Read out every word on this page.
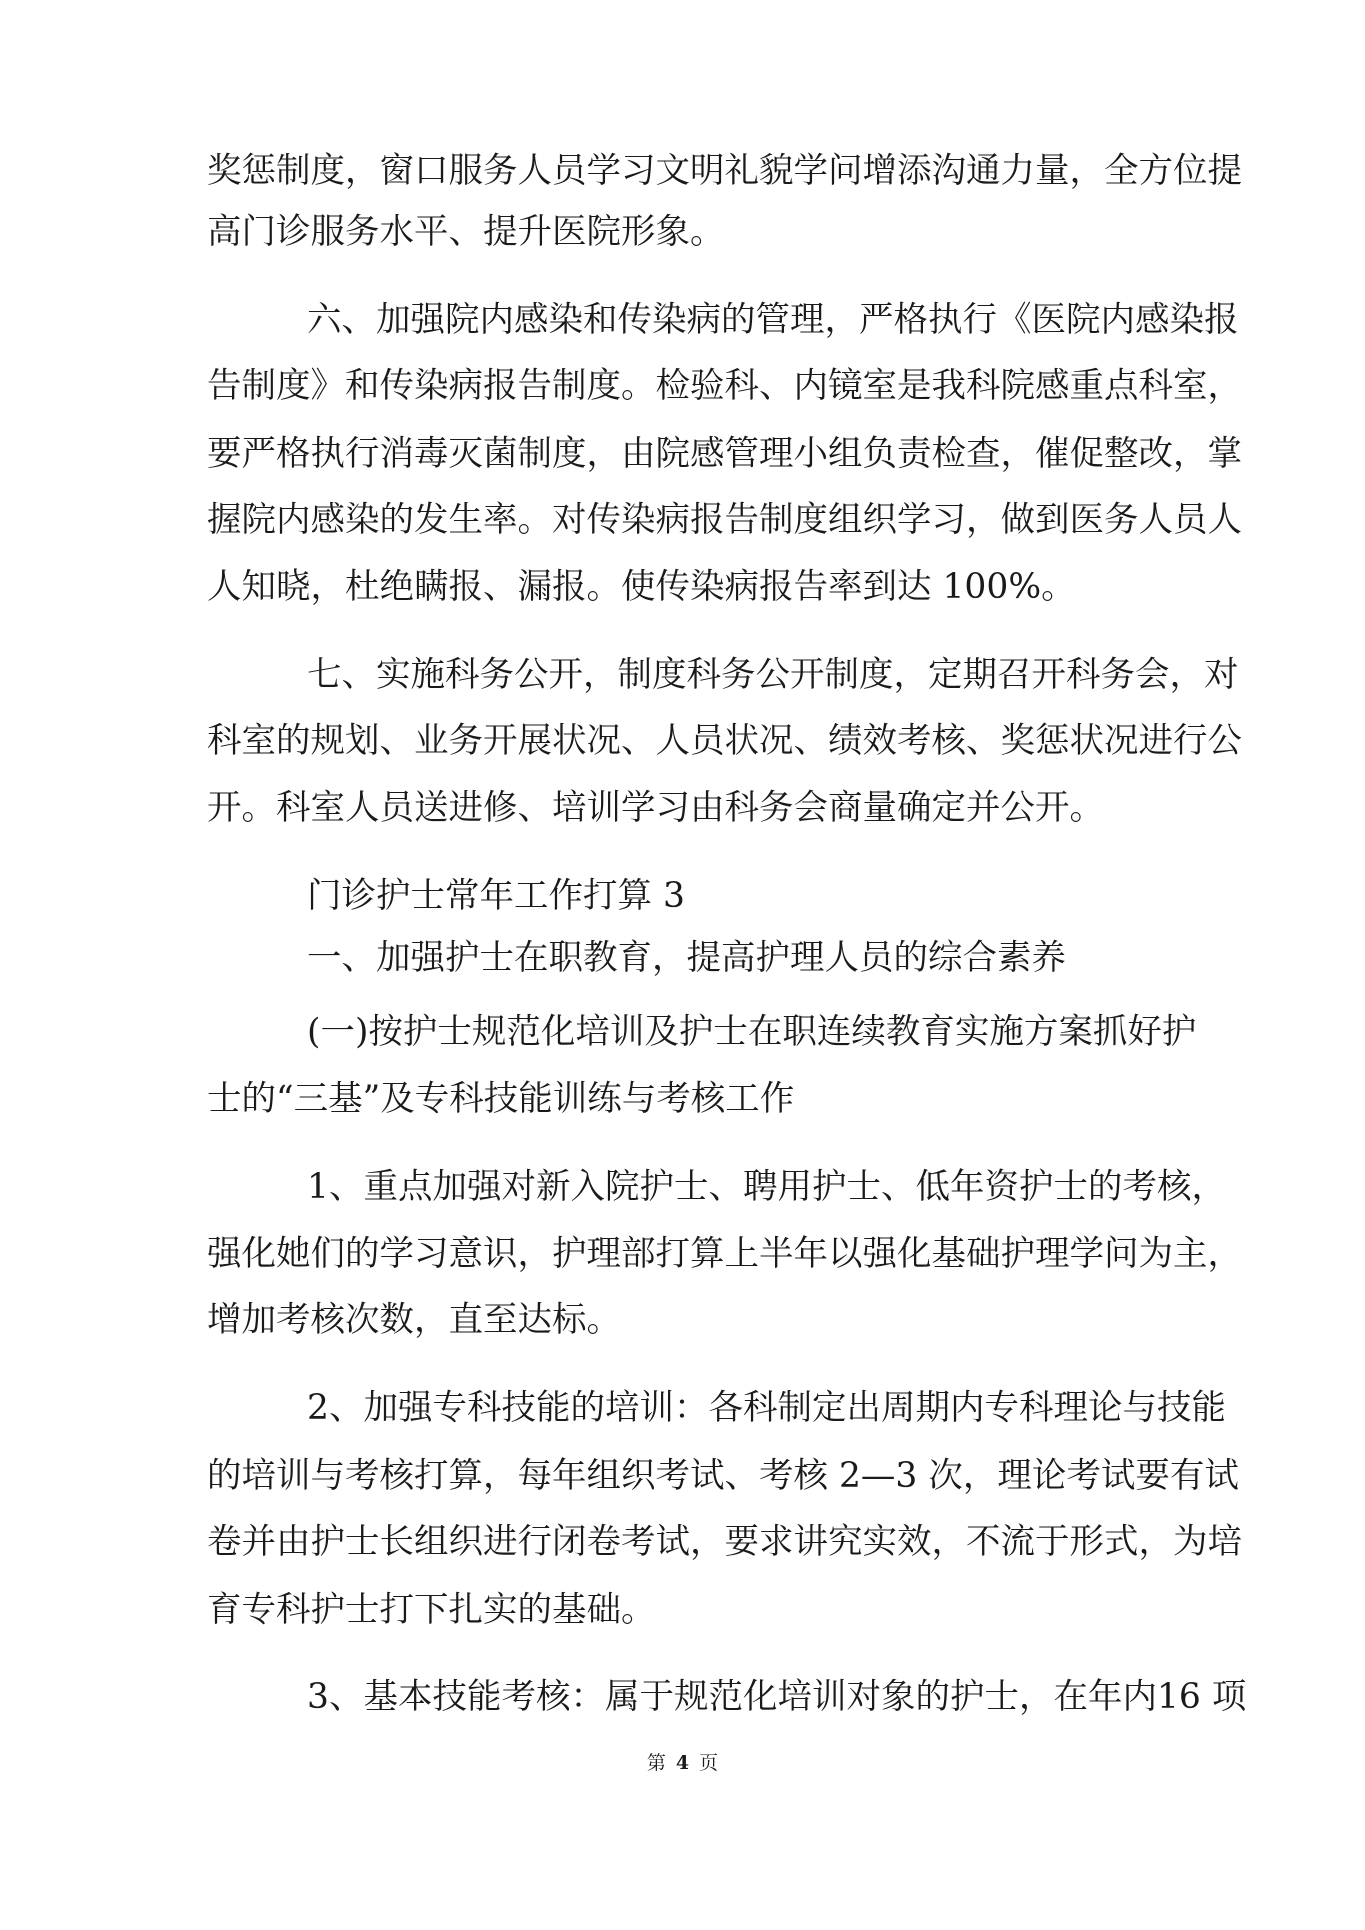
奖惩制度，窗口服务人员学习文明礼貌学问增添沟通力量，全方位提
高门诊服务水平、提升医院形象。
六、加强院内感染和传染病的管理，严格执行《医院内感染报
告制度》和传染病报告制度。检验科、内镜室是我科院感重点科室，
要严格执行消毒灭菌制度，由院感管理小组负责检查，催促整改，掌
握院内感染的发生率。对传染病报告制度组织学习，做到医务人员人
人知晓，杜绝瞒报、漏报。使传染病报告率到达 100%。
七、实施科务公开，制度科务公开制度，定期召开科务会，对
科室的规划、业务开展状况、人员状况、绩效考核、奖惩状况进行公
开。科室人员送进修、培训学习由科务会商量确定并公开。
门诊护士常年工作打算 3
一、加强护士在职教育，提高护理人员的综合素养
(一)按护士规范化培训及护士在职连续教育实施方案抓好护
士的“三基”及专科技能训练与考核工作
1、重点加强对新入院护士、聘用护士、低年资护士的考核，
强化她们的学习意识，护理部打算上半年以强化基础护理学问为主，
增加考核次数，直至达标。
2、加强专科技能的培训：各科制定出周期内专科理论与技能
的培训与考核打算，每年组织考试、考核 2—3 次，理论考试要有试
卷并由护士长组织进行闭卷考试，要求讲究实效，不流于形式，为培
育专科护士打下扎实的基础。
3、基本技能考核：属于规范化培训对象的护士，在年内16 项
第 4 页
